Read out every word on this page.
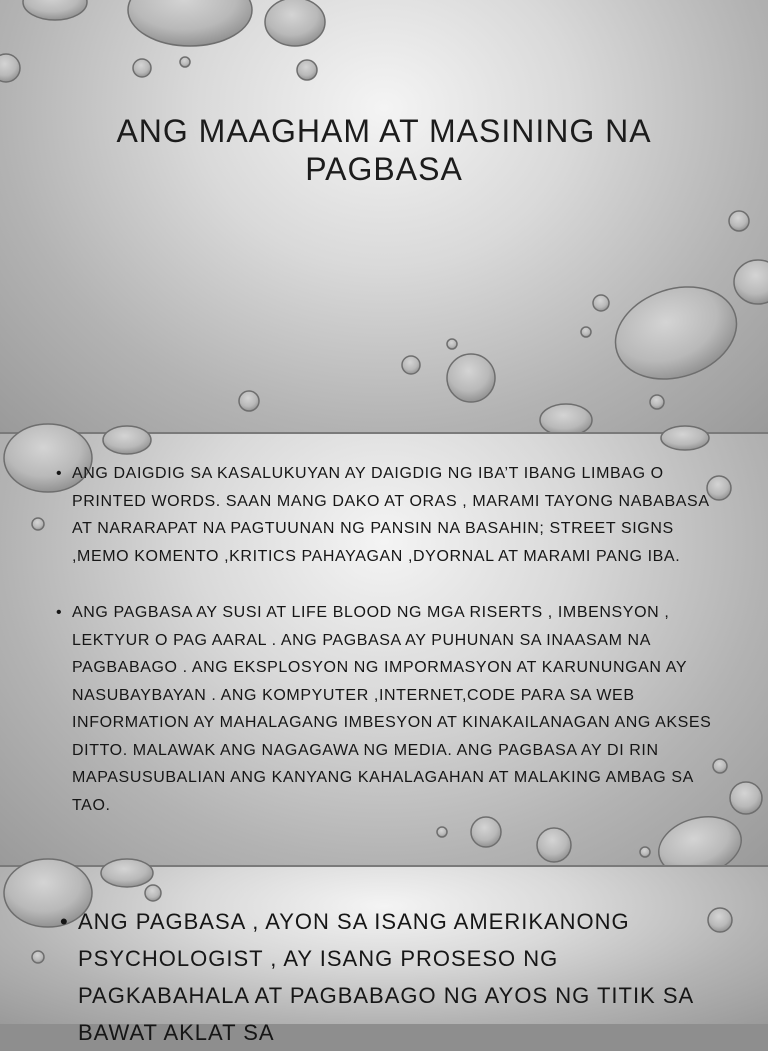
ANG MAAGHAM AT MASINING NA PAGBASA
• ANG DAIGDIG SA KASALUKUYAN AY DAIGDIG NG IBA’T IBANG LIMBAG O PRINTED WORDS. SAAN MANG DAKO AT ORAS , MARAMI TAYONG NABABASA AT NARARAPAT NA PAGTUUNAN NG PANSIN NA BASAHIN; STREET SIGNS ,MEMO KOMENTO ,KRITICS PAHAYAGAN ,DYORNAL AT MARAMI PANG IBA.
• ANG PAGBASA AY SUSI AT LIFE BLOOD NG MGA RISERTS , IMBENSYON , LEKTYUR O PAG AARAL . ANG PAGBASA AY PUHUNAN SA INAASAM NA PAGBABAGO . ANG EKSPLOSYON NG IMPORMASYON AT KARUNUNGAN AY NASUBAYBAYAN . ANG KOMPYUTER ,INTERNET,CODE PARA SA WEB INFORMATION AY MAHALAGANG IMBESYON AT KINAKAILANAGAN ANG AKSES DITTO. MALAWAK ANG NAGAGAWA NG MEDIA. ANG PAGBASA AY DI RIN MAPASUSUBALIAN ANG KANYANG KAHALAGAHAN AT MALAKING AMBAG SA TAO.
• ANG PAGBASA , AYON SA ISANG AMERIKANONG PSYCHOLOGIST , AY ISANG PROSESO NG PAGKABAHALA AT PAGBABAGO NG AYOS NG TITIK SA BAWAT AKLAT SA
